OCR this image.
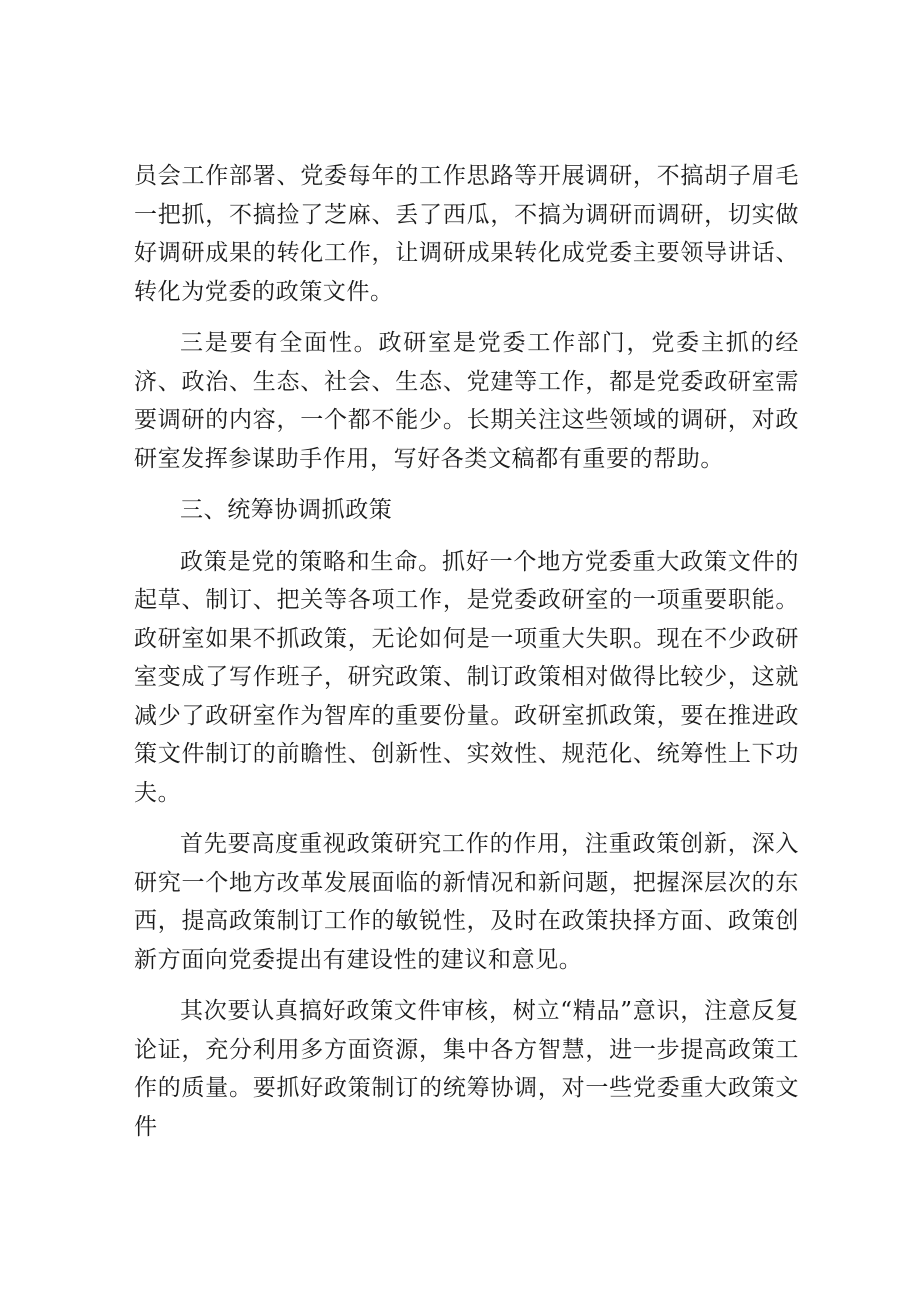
员会工作部署、党委每年的工作思路等开展调研，不搞胡子眉毛一把抓，不搞捡了芝麻、丢了西瓜，不搞为调研而调研，切实做好调研成果的转化工作，让调研成果转化成党委主要领导讲话、转化为党委的政策文件。

三是要有全面性。政研室是党委工作部门，党委主抓的经济、政治、生态、社会、生态、党建等工作，都是党委政研室需要调研的内容，一个都不能少。长期关注这些领域的调研，对政研室发挥参谋助手作用，写好各类文稿都有重要的帮助。

三、统筹协调抓政策

政策是党的策略和生命。抓好一个地方党委重大政策文件的起草、制订、把关等各项工作，是党委政研室的一项重要职能。政研室如果不抓政策，无论如何是一项重大失职。现在不少政研室变成了写作班子，研究政策、制订政策相对做得比较少，这就减少了政研室作为智库的重要份量。政研室抓政策，要在推进政策文件制订的前瞻性、创新性、实效性、规范化、统筹性上下功夫。

首先要高度重视政策研究工作的作用，注重政策创新，深入研究一个地方改革发展面临的新情况和新问题，把握深层次的东西，提高政策制订工作的敏锐性，及时在政策抉择方面、政策创新方面向党委提出有建设性的建议和意见。

其次要认真搞好政策文件审核，树立“精品”意识，注意反复论证，充分利用多方面资源，集中各方智慧，进一步提高政策工作的质量。要抓好政策制订的统筹协调，对一些党委重大政策文件
